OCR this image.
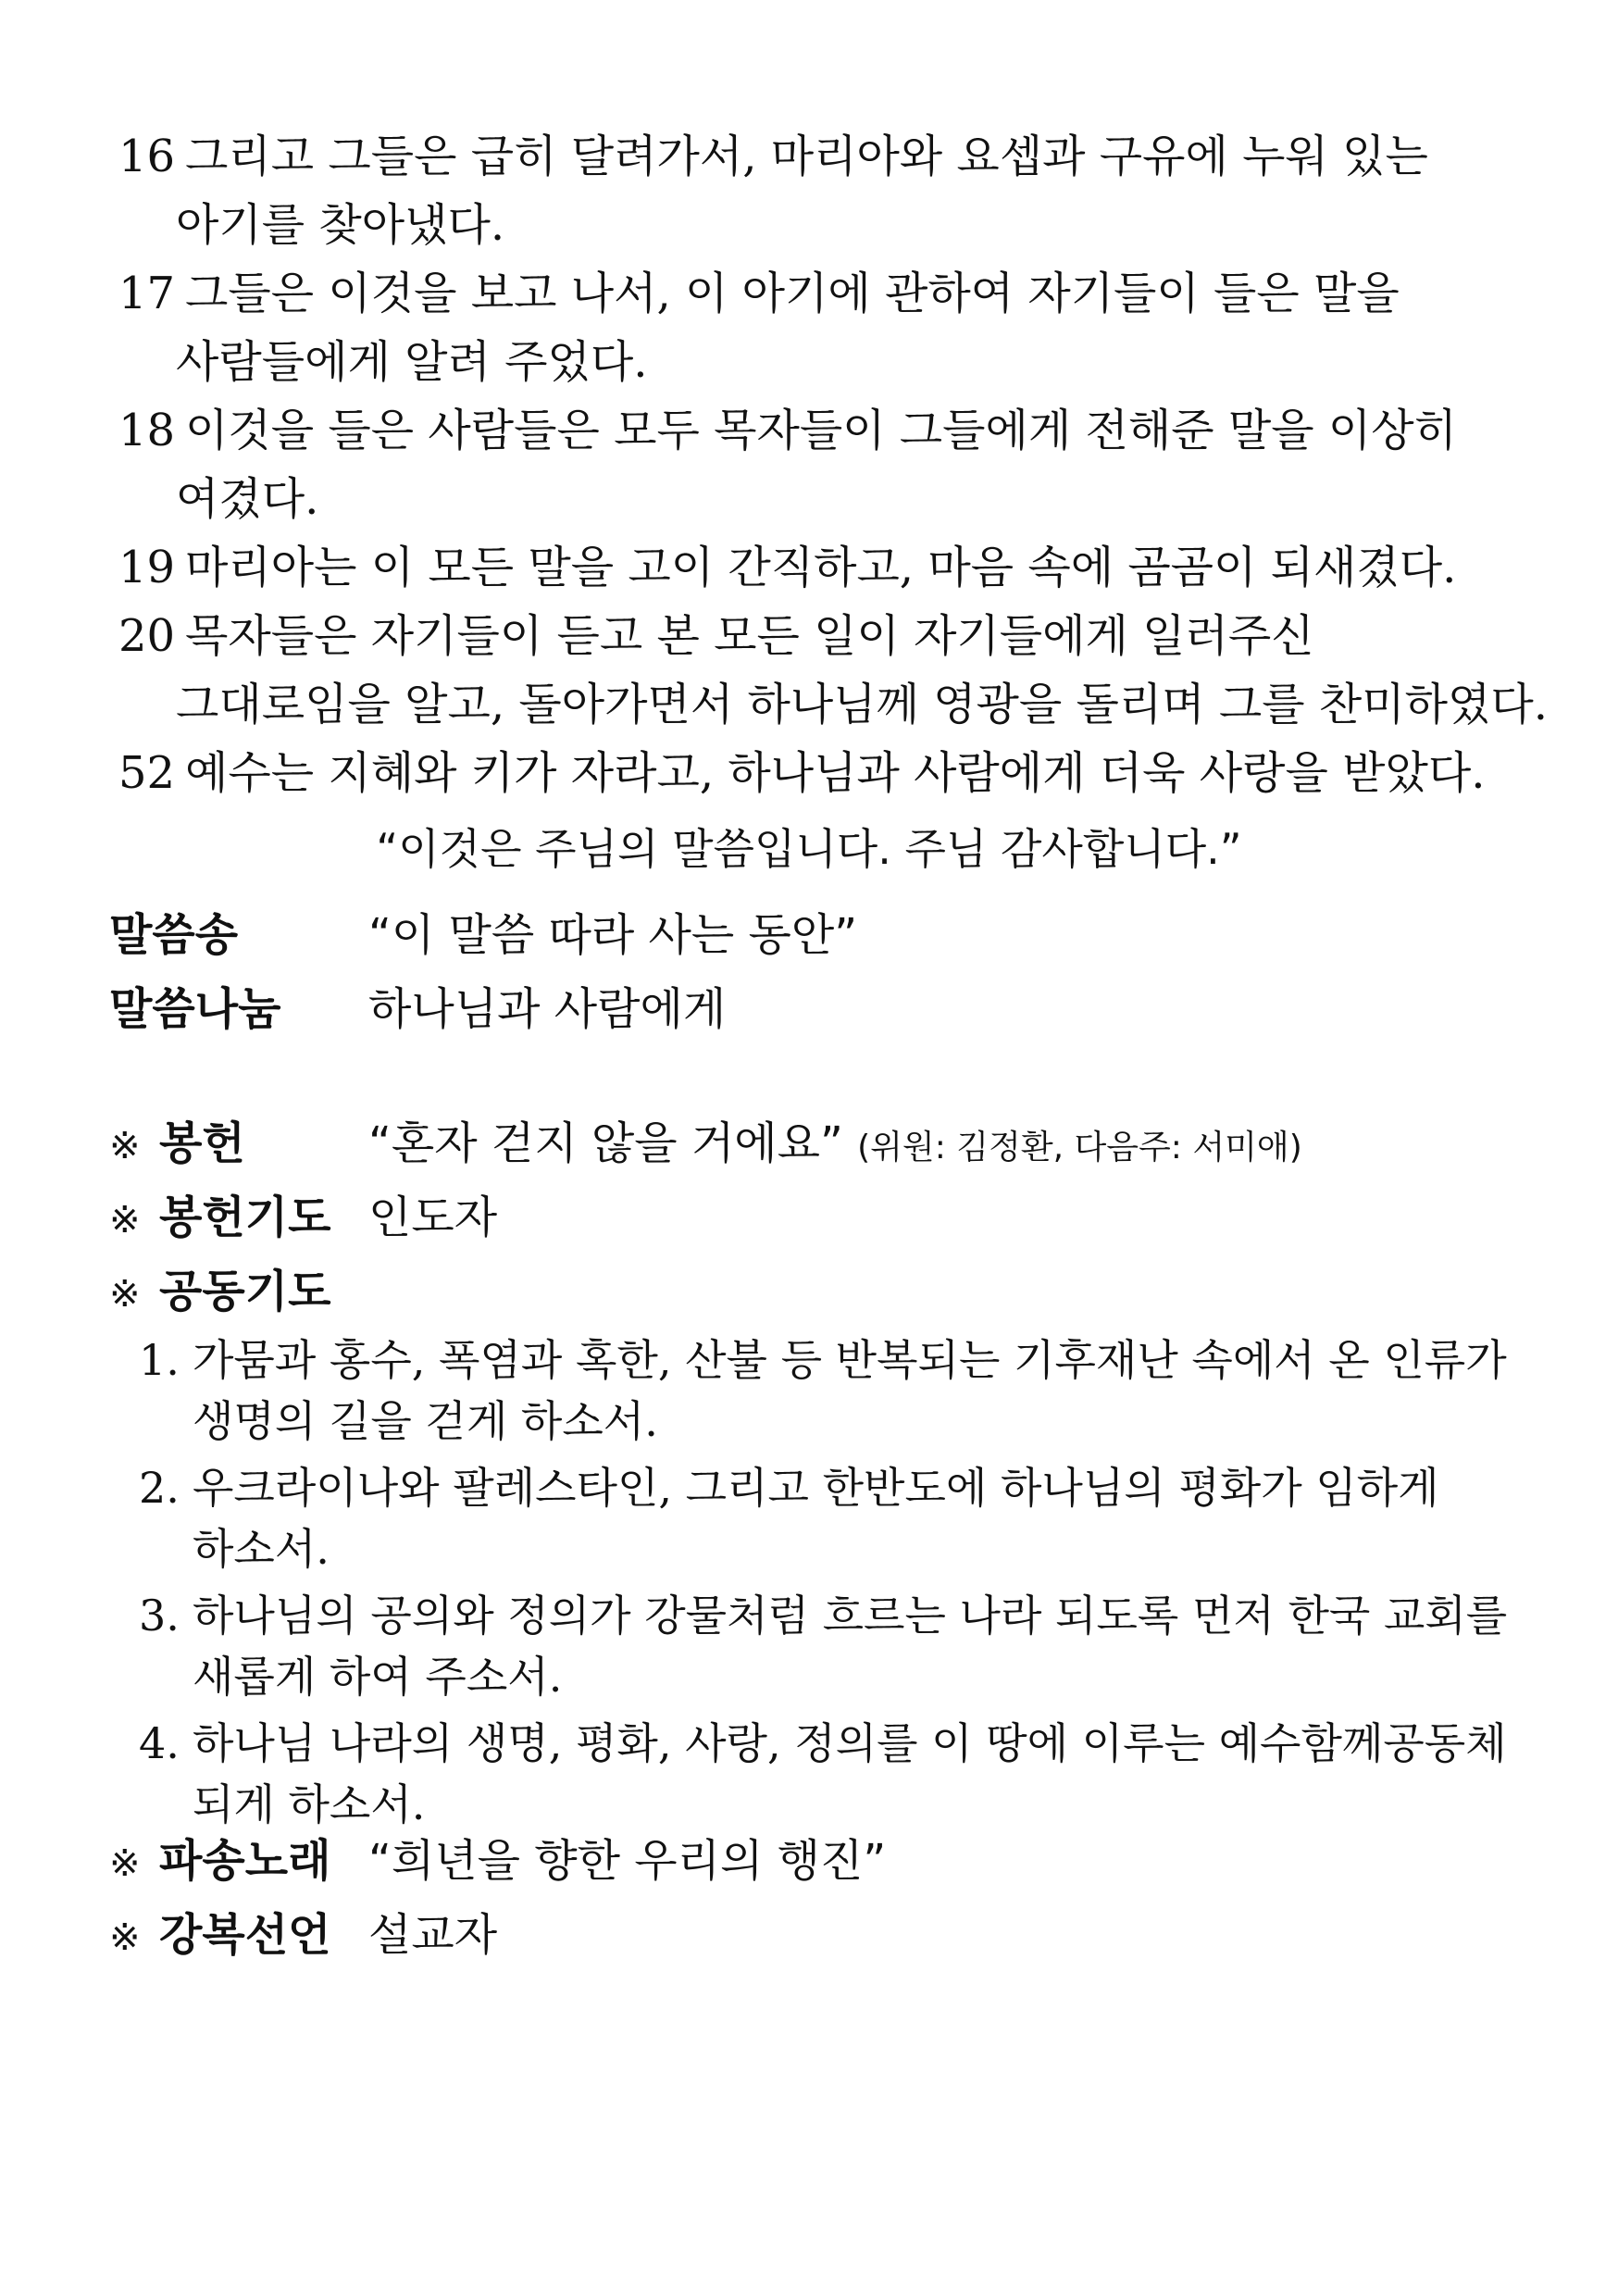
16 그리고 그들은 급히 달려가서, 마리아와 요셉과 구유에 누워 있는
아기를 찾아냈다.
17 그들은 이것을 보고 나서, 이 아기에 관하여 자기들이 들은 말을
사람들에게 알려 주었다.
18 이것을 들은 사람들은 모두 목자들이 그들에게 전해준 말을 이상히
여겼다.
19 마리아는 이 모든 말을 고이 간직하고, 마음 속에 곰곰이 되새겼다.
20 목자들은 자기들이 듣고 본 모든 일이 자기들에게 일러주신
그대로임을 알고, 돌아가면서 하나님께 영광을 돌리며 그를 찬미하였다.
52 예수는 지혜와 키가 자라고, 하나님과 사람에게 더욱 사랑을 받았다.
“이것은 주님의 말씀입니다. 주님 감사합니다.”
말씀송	“이 말씀 따라 사는 동안”
말씀나눔 하나님과 사람에게
※ 봉헌	“혼자 걷지 않을 거에요” (위원: 김정환, 다음주: 서미애)
※ 봉헌기도 인도자
※ 공동기도
1. 가뭄과 홍수, 폭염과 혹한, 산불 등 반복되는 기후재난 속에서 온 인류가
생명의 길을 걷게 하소서.
2. 우크라이나와 팔레스타인, 그리고 한반도에 하나님의 평화가 임하게
하소서.
3. 하나님의 공의와 정의가 강물처럼 흐르는 나라 되도록 먼저 한국 교회를
새롭게 하여 주소서.
4. 하나님 나라의 생명, 평화, 사랑, 정의를 이 땅에 이루는 예수함께공동체
되게 하소서.
※ 파송노래 “희년을 향한 우리의 행진”
※ 강복선언 설교자
